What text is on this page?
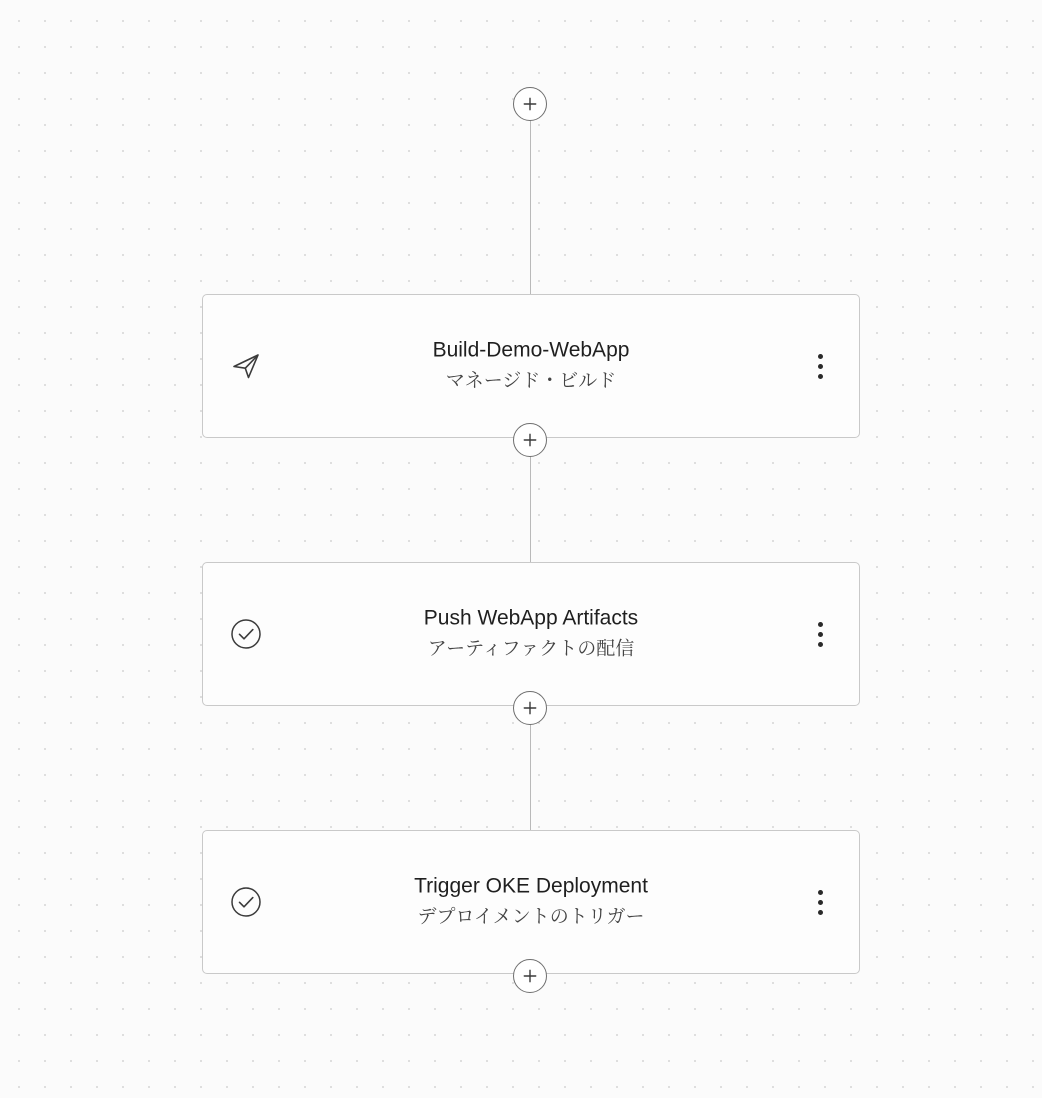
Build-Demo-WebApp
マネージド・ビルド
Push WebApp Artifacts
アーティファクトの配信
Trigger OKE Deployment
デプロイメントのトリガー
